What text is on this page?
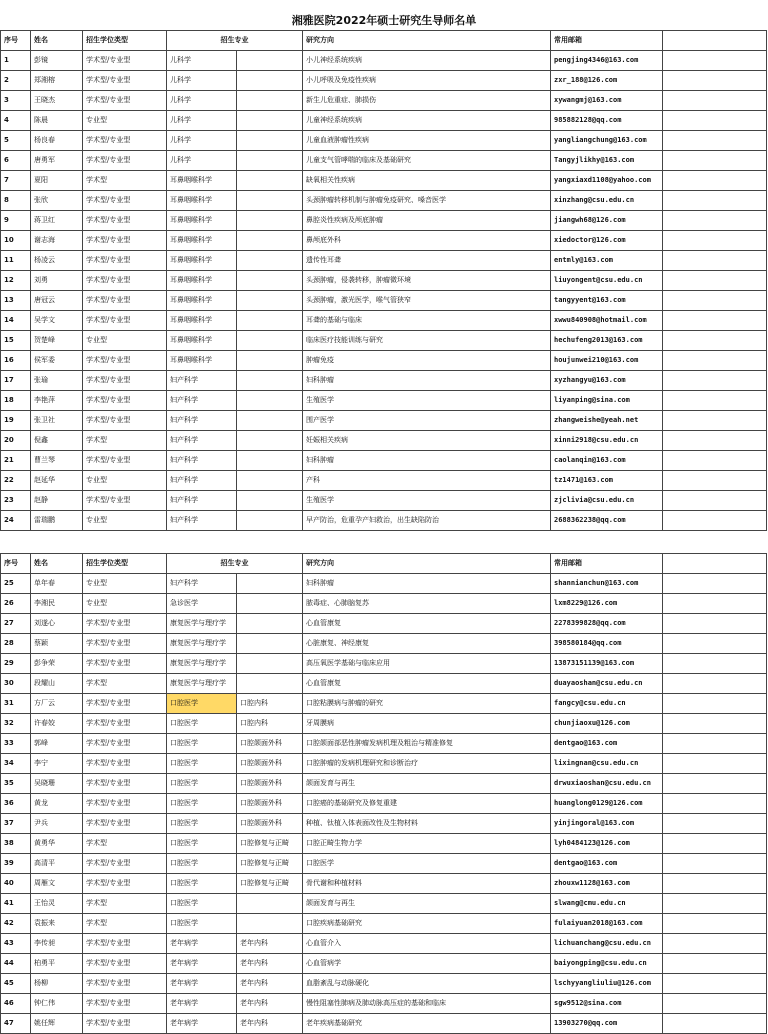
湘雅医院2022年硕士研究生导师名单
序号	姓名	招生学位类型	招生专业		研究方向	常用邮箱	
1	彭镜	学术型/专业型	儿科学		小儿神经系统疾病	pengjing4346@163.com	
2	郑湘榕	学术型/专业型	儿科学		小儿呼吸及免疫性疾病	zxr_188@126.com	
3	王晓杰	学术型/专业型	儿科学		新生儿危重症、肺损伤	xywangmj@163.com	
4	陈晨	专业型	儿科学		儿童神经系统疾病	985882128@qq.com	
5	杨良春	学术型/专业型	儿科学		儿童血液肿瘤性疾病	yangliangchung@163.com	
6	唐勇军	学术型/专业型	儿科学		儿童支气管哮喘的临床及基础研究	Tangyjlikhy@163.com	
7	夏阳	学术型	耳鼻咽喉科学		缺氧相关性疾病	yangxiaxd1108@yahoo.com	
8	张欣	学术型/专业型	耳鼻咽喉科学		头颈肿瘤转移机制与肿瘤免疫研究、嗓音医学	xinzhang@csu.edu.cn	
9	蒋卫红	学术型/专业型	耳鼻咽喉科学		鼻腔炎性疾病及颅底肿瘤	jiangwh68@126.com	
10	谢志海	学术型/专业型	耳鼻咽喉科学		鼻颅底外科	xiedoctor@126.com	
11	杨凌云	学术型/专业型	耳鼻咽喉科学		遗传性耳聋	entmly@163.com	
12	刘勇	学术型/专业型	耳鼻咽喉科学		头颈肿瘤，侵袭转移，肿瘤微环境	liuyongent@csu.edu.cn	
13	唐冠云	学术型/专业型	耳鼻咽喉科学		头颈肿瘤，激光医学，喉气管狭窄	tangyyent@163.com	
14	吴学文	学术型/专业型	耳鼻咽喉科学		耳聋的基础与临床	xwwu840908@hotmail.com	
15	贺楚峰	专业型	耳鼻咽喉科学		临床医疗技能训练与研究	hechufeng2013@163.com	
16	侯军委	学术型/专业型	耳鼻咽喉科学		肿瘤免疫	houjunwei210@163.com	
17	张瑜	学术型/专业型	妇产科学		妇科肿瘤	xyzhangyu@163.com	
18	李艳萍	学术型/专业型	妇产科学		生殖医学	liyanping@sina.com	
19	张卫社	学术型/专业型	妇产科学		围产医学	zhangweishe@yeah.net	
20	倪鑫	学术型	妇产科学		妊娠相关疾病	xinni2918@csu.edu.cn	
21	曹兰琴	学术型/专业型	妇产科学		妇科肿瘤	caolanqin@163.com	
22	赵延华	专业型	妇产科学		产科	tz1471@163.com	
23	赵静	学术型/专业型	妇产科学		生殖医学	zjclivia@csu.edu.cn	
24	雷瑞鹏	专业型	妇产科学		早产防治，危重孕产妇救治，出生缺陷防治	2688362238@qq.com	
序号	姓名	招生学位类型	招生专业		研究方向	常用邮箱	
25	单年春	专业型	妇产科学		妇科肿瘤	shannianchun@163.com	
26	李湘民	专业型	急诊医学		脓毒症、心肺脑复苏	lxm8229@126.com	
27	刘遂心	学术型/专业型	康复医学与理疗学		心血管康复	2278399828@qq.com	
28	蔡颖	学术型/专业型	康复医学与理疗学		心脏康复、神经康复	398580184@qq.com	
29	彭争荣	学术型/专业型	康复医学与理疗学		高压氧医学基础与临床应用	13873151139@163.com	
30	段耀山	学术型	康复医学与理疗学		心血管康复	duayaoshan@csu.edu.cn	
31	方厂云	学术型/专业型	口腔医学	口腔内科	口腔粘膜病与肿瘤的研究	fangcy@csu.edu.cn	
32	许春姣	学术型/专业型	口腔医学	口腔内科	牙周膜病	chunjiaoxu@126.com	
33	郭峰	学术型/专业型	口腔医学	口腔颌面外科	口腔颌面部恶性肿瘤发病机理及粗治与精准修复	dentgao@163.com	
34	李宁	学术型/专业型	口腔医学	口腔颌面外科	口腔肿瘤的发病机理研究和诊断治疗	lixingnan@csu.edu.cn	
35	吴晓珊	学术型/专业型	口腔医学	口腔颌面外科	颌面发育与再生	drwuxiaoshan@csu.edu.cn	
36	黄龙	学术型/专业型	口腔医学	口腔颌面外科	口腔癌的基础研究及修复重建	huanglong0129@126.com	
37	尹兵	学术型/专业型	口腔医学	口腔颌面外科	种植、钛植入体表面改性及生物材料	yinjingoral@163.com	
38	黄勇华	学术型	口腔医学	口腔修复与正畸	口腔正畸生物力学	lyh0484123@126.com	
39	高清平	学术型/专业型	口腔医学	口腔修复与正畸	口腔医学	dentgao@163.com	
40	周雁文	学术型/专业型	口腔医学	口腔修复与正畸	骨代谢和种植材料	zhouxw1128@163.com	
41	王怡灵	学术型	口腔医学		颌面发育与再生	slwang@cmu.edu.cn	
42	袁振来	学术型	口腔医学		口腔疾病基础研究	fulaiyuan2018@163.com	
43	李传昶	学术型/专业型	老年病学	老年内科	心血管介入	lichuanchang@csu.edu.cn	
44	柏勇平	学术型/专业型	老年病学	老年内科	心血管病学	baiyongping@csu.edu.cn	
45	杨柳	学术型/专业型	老年病学	老年内科	血脂紊乱与动脉硬化	lschyyangliuliu@126.com	
46	钟仁伟	学术型/专业型	老年病学	老年内科	慢性阻塞性肺病及肺动脉高压症的基础和临床	sgw9512@sina.com	
47	姚任辉	学术型/专业型	老年病学	老年内科	老年疾病基础研究	13903270@qq.com	
